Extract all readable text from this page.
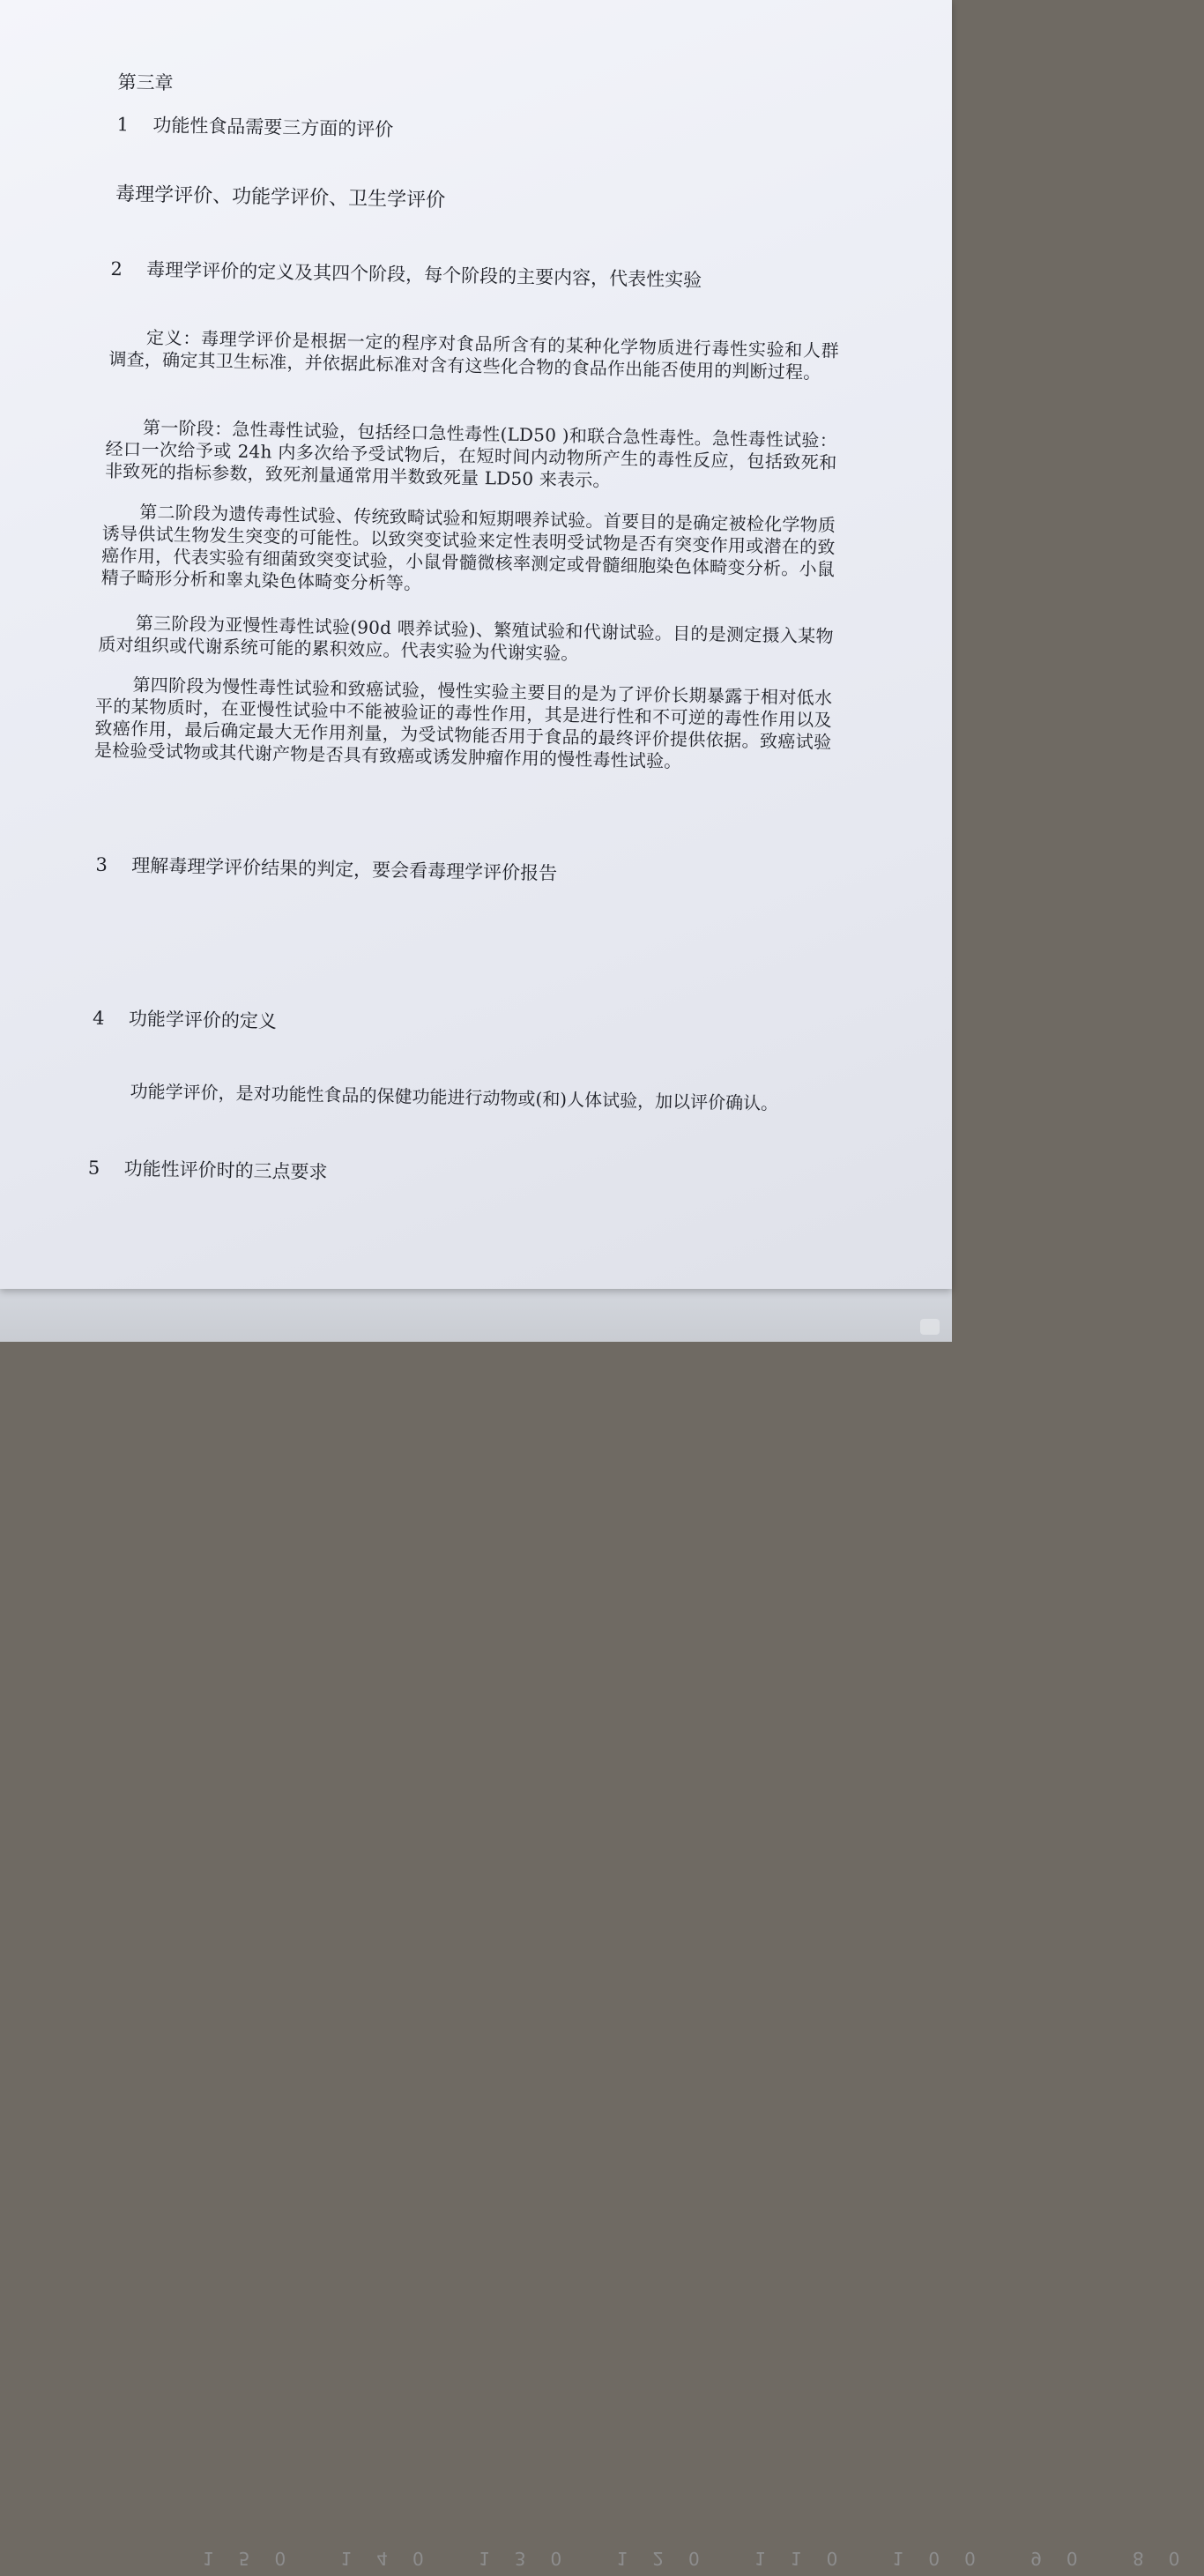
150 140 130 120 110 100 90 80
第三章
1 功能性食品需要三方面的评价
毒理学评价、功能学评价、卫生学评价
2 毒理学评价的定义及其四个阶段，每个阶段的主要内容，代表性实验
定义：毒理学评价是根据一定的程序对食品所含有的某种化学物质进行毒性实验和人群调查，确定其卫生标准，并依据此标准对含有这些化合物的食品作出能否使用的判断过程。
第一阶段：急性毒性试验，包括经口急性毒性(LD50 )和联合急性毒性。急性毒性试验：经口一次给予或 24h 内多次给予受试物后，在短时间内动物所产生的毒性反应，包括致死和非致死的指标参数，致死剂量通常用半数致死量 LD50 来表示。
第二阶段为遗传毒性试验、传统致畸试验和短期喂养试验。首要目的是确定被检化学物质诱导供试生物发生突变的可能性。以致突变试验来定性表明受试物是否有突变作用或潜在的致癌作用，代表实验有细菌致突变试验，小鼠骨髓微核率测定或骨髓细胞染色体畸变分析。小鼠精子畸形分析和睾丸染色体畸变分析等。
第三阶段为亚慢性毒性试验(90d 喂养试验)、繁殖试验和代谢试验。目的是测定摄入某物质对组织或代谢系统可能的累积效应。代表实验为代谢实验。
第四阶段为慢性毒性试验和致癌试验，慢性实验主要目的是为了评价长期暴露于相对低水平的某物质时，在亚慢性试验中不能被验证的毒性作用，其是进行性和不可逆的毒性作用以及致癌作用，最后确定最大无作用剂量，为受试物能否用于食品的最终评价提供依据。致癌试验是检验受试物或其代谢产物是否具有致癌或诱发肿瘤作用的慢性毒性试验。
3 理解毒理学评价结果的判定，要会看毒理学评价报告
4 功能学评价的定义
功能学评价，是对功能性食品的保健功能进行动物或(和)人体试验，加以评价确认。
5 功能性评价时的三点要求
